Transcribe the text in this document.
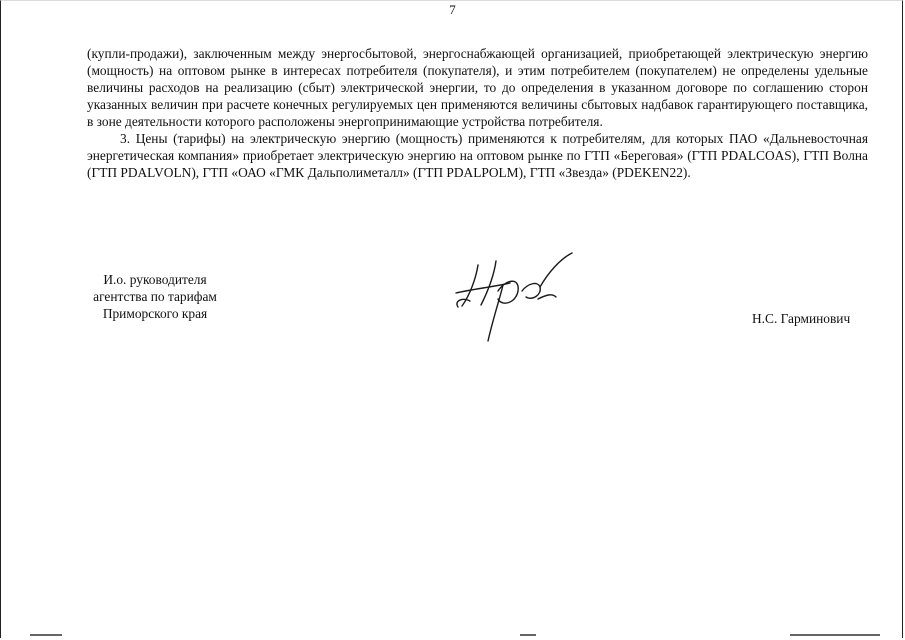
7

(купли-продажи), заключенным между энергосбытовой, энергоснабжающей организацией, приобретающей электрическую энергию (мощность) на оптовом рынке в интересах потребителя (покупателя), и этим потребителем (покупателем) не определены удельные величины расходов на реализацию (сбыт) электрической энергии, то до определения в указанном договоре по соглашению сторон указанных величин при расчете конечных регулируемых цен применяются величины сбытовых надбавок гарантирующего поставщика, в зоне деятельности которого расположены энергопринимающие устройства потребителя.

3. Цены (тарифы) на электрическую энергию (мощность) применяются к потребителям, для которых ПАО «Дальневосточная энергетическая компания» приобретает электрическую энергию на оптовом рынке по ГТП «Береговая» (ГТП PDALCOAS), ГТП Волна (ГТП PDALVOLN), ГТП «ОАО «ГМК Дальполиметалл» (ГТП PDALPOLM), ГТП «Звезда» (PDEKEN22).

И.о. руководителя
агентства по тарифам
Приморского края	Н.С. Гарминович
